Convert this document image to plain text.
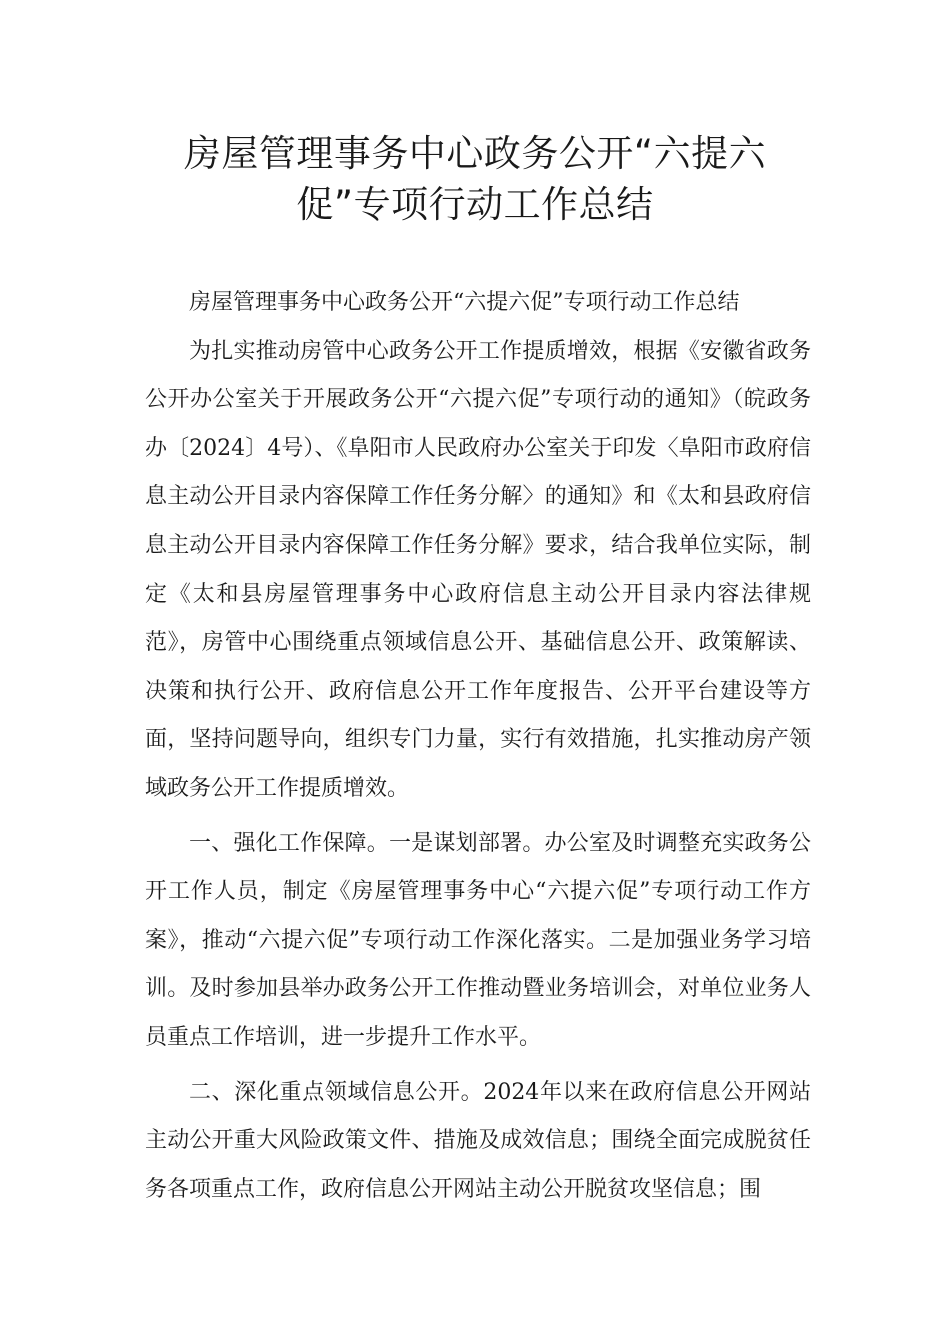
房屋管理事务中心政务公开“六提六
促”专项行动工作总结

房屋管理事务中心政务公开“六提六促”专项行动工作总结

为扎实推动房管中心政务公开工作提质增效，根据《安徽省政务公开办公室关于开展政务公开“六提六促”专项行动的通知》（皖政务办〔2024〕4号）、《阜阳市人民政府办公室关于印发〈阜阳市政府信息主动公开目录内容保障工作任务分解〉的通知》和《太和县政府信息主动公开目录内容保障工作任务分解》要求，结合我单位实际，制定《太和县房屋管理事务中心政府信息主动公开目录内容法律规范》，房管中心围绕重点领域信息公开、基础信息公开、政策解读、决策和执行公开、政府信息公开工作年度报告、公开平台建设等方面，坚持问题导向，组织专门力量，实行有效措施，扎实推动房产领域政务公开工作提质增效。

一、强化工作保障。一是谋划部署。办公室及时调整充实政务公开工作人员，制定《房屋管理事务中心“六提六促”专项行动工作方案》，推动“六提六促”专项行动工作深化落实。二是加强业务学习培训。及时参加县举办政务公开工作推动暨业务培训会，对单位业务人员重点工作培训，进一步提升工作水平。

二、深化重点领域信息公开。2024年以来在政府信息公开网站主动公开重大风险政策文件、措施及成效信息；围绕全面完成脱贫任务各项重点工作，政府信息公开网站主动公开脱贫攻坚信息；围
